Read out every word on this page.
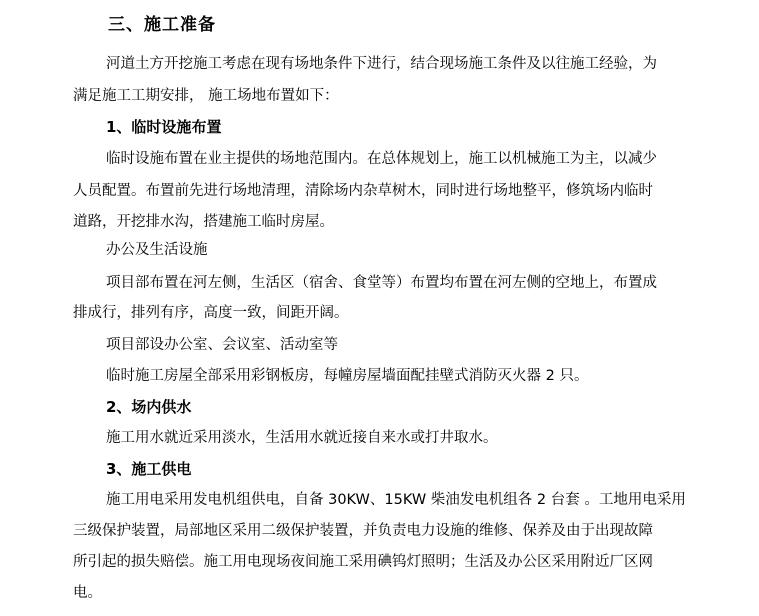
三、施工准备
河道土方开挖施工考虑在现有场地条件下进行，结合现场施工条件及以往施工经验，为
满足施工工期安排， 施工场地布置如下：
1、临时设施布置
临时设施布置在业主提供的场地范围内。在总体规划上，施工以机械施工为主，以减少
人员配置。布置前先进行场地清理，清除场内杂草树木，同时进行场地整平，修筑场内临时
道路，开挖排水沟，搭建施工临时房屋。
办公及生活设施
项目部布置在河左侧，生活区（宿舍、食堂等）布置均布置在河左侧的空地上，布置成
排成行，排列有序，高度一致，间距开阔。
项目部设办公室、会议室、活动室等
临时施工房屋全部采用彩钢板房，每幢房屋墙面配挂壁式消防灭火器 2 只。
2、场内供水
施工用水就近采用淡水，生活用水就近接自来水或打井取水。
3、施工供电
施工用电采用发电机组供电，自备 30KW、15KW 柴油发电机组各 2 台套 。工地用电采用
三级保护装置，局部地区采用二级保护装置，并负责电力设施的维修、保养及由于出现故障
所引起的损失赔偿。施工用电现场夜间施工采用碘钨灯照明；生活及办公区采用附近厂区网
电。
